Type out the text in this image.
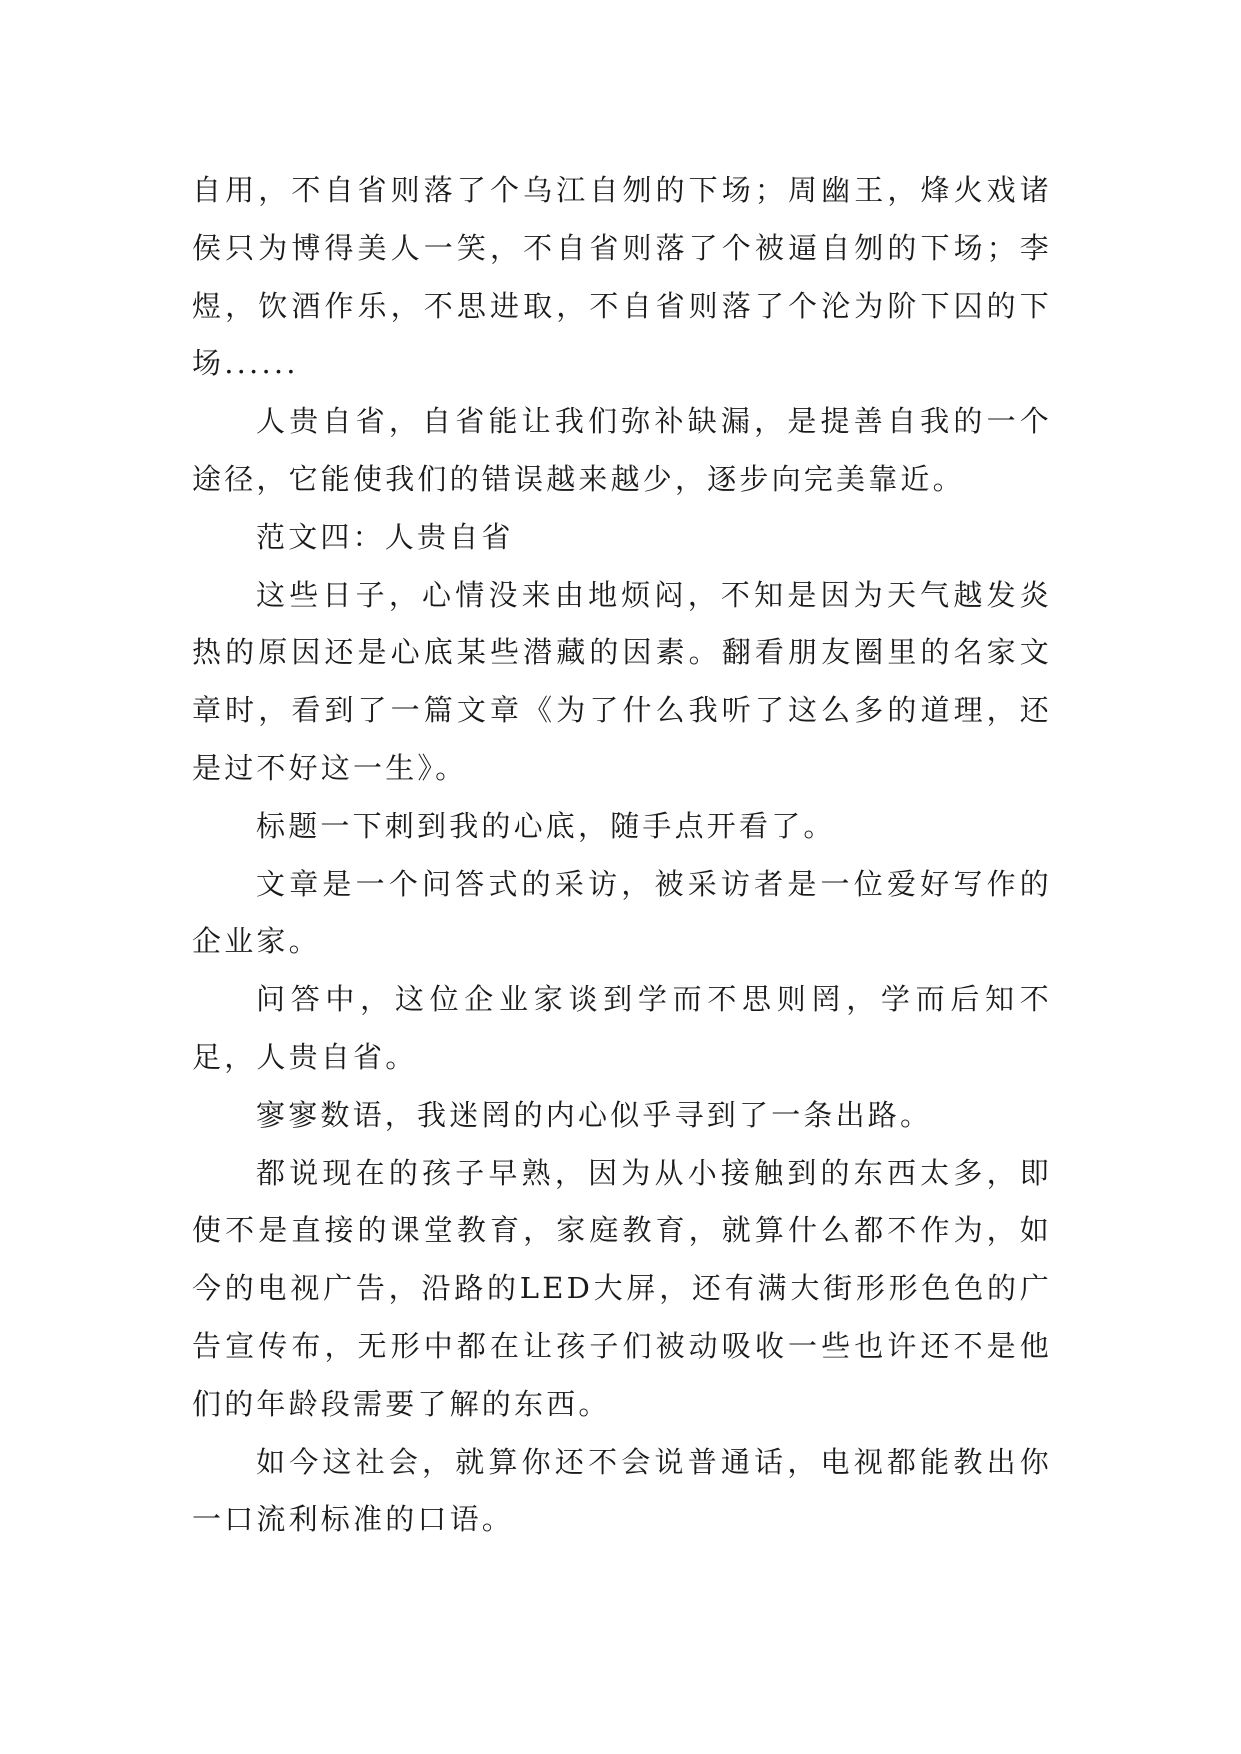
自用，不自省则落了个乌江自刎的下场；周幽王，烽火戏诸侯只为博得美人一笑，不自省则落了个被逼自刎的下场；李煜，饮酒作乐，不思进取，不自省则落了个沦为阶下囚的下场......

人贵自省，自省能让我们弥补缺漏，是提善自我的一个途径，它能使我们的错误越来越少，逐步向完美靠近。

范文四：人贵自省

这些日子，心情没来由地烦闷，不知是因为天气越发炎热的原因还是心底某些潜藏的因素。翻看朋友圈里的名家文章时，看到了一篇文章《为了什么我听了这么多的道理，还是过不好这一生》。

标题一下刺到我的心底，随手点开看了。

文章是一个问答式的采访，被采访者是一位爱好写作的企业家。

问答中，这位企业家谈到学而不思则罔，学而后知不足，人贵自省。

寥寥数语，我迷罔的内心似乎寻到了一条出路。

都说现在的孩子早熟，因为从小接触到的东西太多，即使不是直接的课堂教育，家庭教育，就算什么都不作为，如今的电视广告，沿路的LED大屏，还有满大街形形色色的广告宣传布，无形中都在让孩子们被动吸收一些也许还不是他们的年龄段需要了解的东西。

如今这社会，就算你还不会说普通话，电视都能教出你一口流利标准的口语。
